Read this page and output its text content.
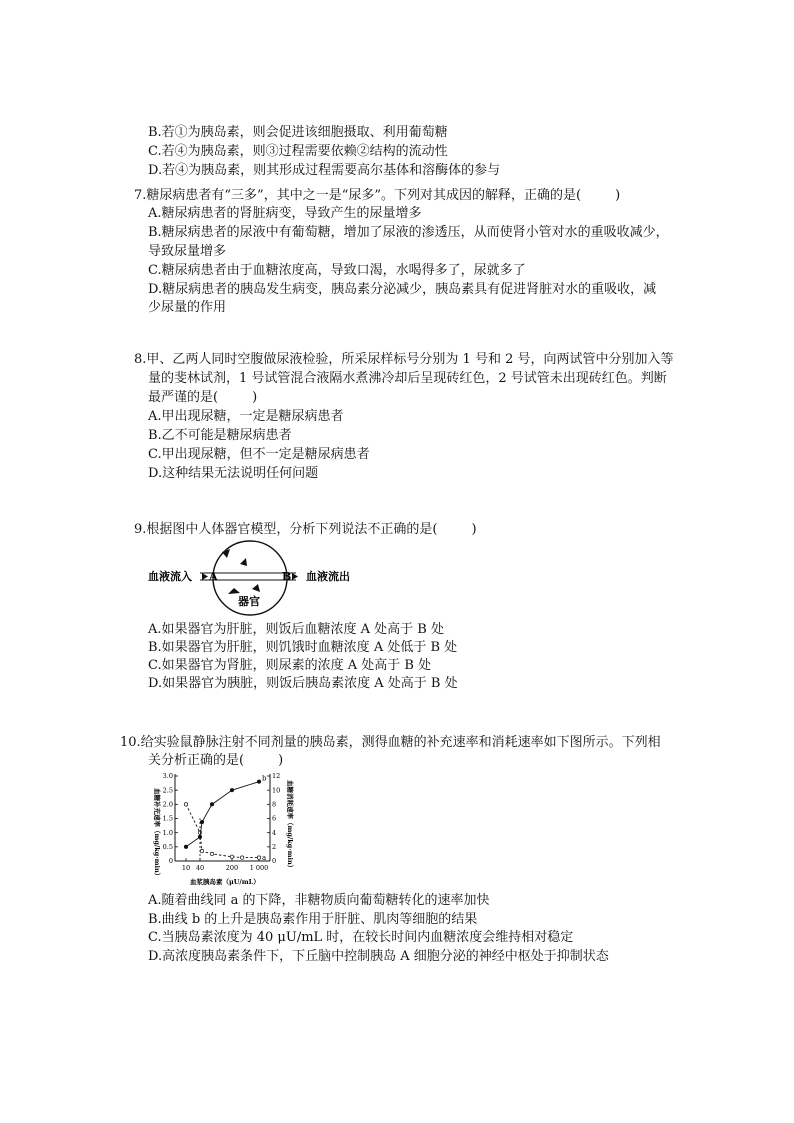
B.若①为胰岛素，则会促进该细胞摄取、利用葡萄糖
C.若④为胰岛素，则③过程需要依赖②结构的流动性
D.若④为胰岛素，则其形成过程需要高尔基体和溶酶体的参与
7.糖尿病患者有“三多”，其中之一是“尿多”。下列对其成因的解释，正确的是(	)
A.糖尿病患者的肾脏病变，导致产生的尿量增多
B.糖尿病患者的尿液中有葡萄糖，增加了尿液的渗透压，从而使肾小管对水的重吸收减少，
导致尿量增多
C.糖尿病患者由于血糖浓度高，导致口渴，水喝得多了，尿就多了
D.糖尿病患者的胰岛发生病变，胰岛素分泌减少，胰岛素具有促进肾脏对水的重吸收，减
少尿量的作用
8.甲、乙两人同时空腹做尿液检验，所采尿样标号分别为 1 号和 2 号，向两试管中分别加入等
量的斐林试剂，1 号试管混合液隔水煮沸冷却后呈现砖红色，2 号试管未出现砖红色。判断
最严谨的是(	)
A.甲出现尿糖，一定是糖尿病患者
B.乙不可能是糖尿病患者
C.甲出现尿糖，但不一定是糖尿病患者
D.这种结果无法说明任何问题
9.根据图中人体器官模型，分析下列说法不正确的是(	)
血液流入 A	B 血液流出
器官
A.如果器官为肝脏，则饭后血糖浓度 A 处高于 B 处
B.如果器官为肝脏，则饥饿时血糖浓度 A 处低于 B 处
C.如果器官为肾脏，则尿素的浓度 A 处高于 B 处
D.如果器官为胰脏，则饭后胰岛素浓度 A 处高于 B 处
10.给实验鼠静脉注射不同剂量的胰岛素，测得血糖的补充速率和消耗速率如下图所示。下列相
关分析正确的是(	)
0
0.5
1.0
1.5
2.0
2.5
3.0
0
2
4
6
8
10
12
10 40	200 1 000
a
b
血糖补充速率（mg/kg·min）	血糖消耗速率（mg/kg·min）
血浆胰岛素（μU/mL）
A.随着曲线同 a 的下降，非糖物质向葡萄糖转化的速率加快
B.曲线 b 的上升是胰岛素作用于肝脏、肌肉等细胞的结果
C.当胰岛素浓度为 40 μU/mL 时，在较长时间内血糖浓度会维持相对稳定
D.高浓度胰岛素条件下，下丘脑中控制胰岛 A 细胞分泌的神经中枢处于抑制状态
